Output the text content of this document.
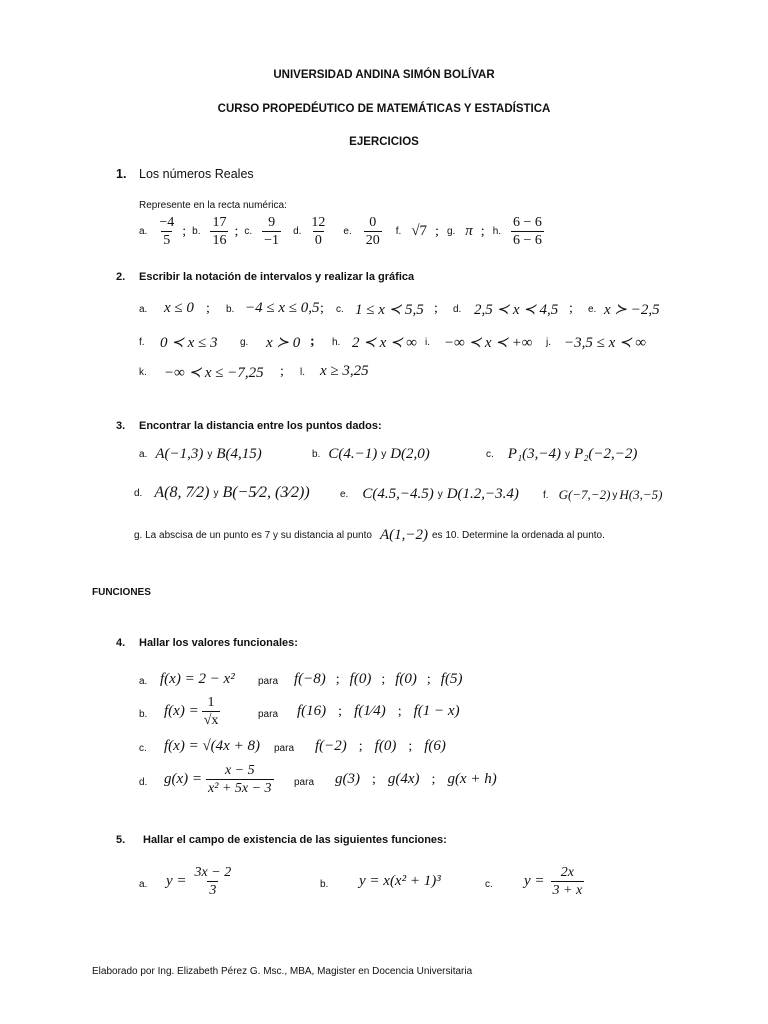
UNIVERSIDAD ANDINA SIMÓN BOLÍVAR
CURSO PROPEDÉUTICO DE MATEMÁTICAS Y ESTADÍSTICA
EJERCICIOS
1. Los números Reales
Represente en la recta numérica:
a. $\frac{-4}{5}$ ; b. $\frac{17}{16}$ ; c. $\frac{9}{-1} d$. $\frac{12}{0} e$. $\frac{0}{20} f$. √7 ; g. π ; h. $\frac{6 - 6}{6 - 6}$
2. Escribir la notación de intervalos y realizar la gráfica
a. x ≤ 0 ; b. −4 ≤ x ≤ 0,5 ; c. 1 ≤ x ≺ 5,5 ; d. 2,5 ≺ x ≺ 4,5 ; e. x ≻ −2,5
f. 0 ≺ x ≤ 3 g. x ≻ 0 ; h. 2 ≺ x ≺ ∞ i. −∞ ≺ x ≺ +∞ j. −3,5 ≤ x ≺ ∞
k. −∞ ≺ x ≤ −7,25 ; l. x ≥ 3,25
3. Encontrar la distancia entre los puntos dados:
a. A(−1,3) y B(4,15)	b. C(4.−1) y D(2,0)	c. P₁(3,−4) y P₂(−2,−2)
d. A(8, 7⁄2) y B(−5⁄2, (3⁄2))	e. C(4.5,−4.5) y D(1.2,−3.4) f. G(−7,−2) y H(3,−5)
g. La abscisa de un punto es 7 y su distancia al punto A(1,−2) es 10. Determine la ordenada al punto.
FUNCIONES
4. Hallar los valores funcionales:
a. f(x) = 2 − x² para f(−8) ; f(0) ; f(0) ; f(5)
b. $f(x) = \frac{1}{√x}$	para f(16) ; f(1⁄4) ; f(1 − x)
c. f(x) = √(4x + 8) para f(−2) ; f(0) ; f(6)
d. $g(x) = \frac{x - 5}{\text{x² + 5x − 3}}$ para g(3) ; g(4x) ; g(x + h)
5. Hallar el campo de existencia de las siguientes funciones:
a. $y = \frac{3x - 2}{3}$	b. y = x(x² + 1)³	c. $y = \frac{2x}{3 + x}$
Elaborado por Ing. Elizabeth Pérez G. Msc., MBA, Magister en Docencia Universitaria
